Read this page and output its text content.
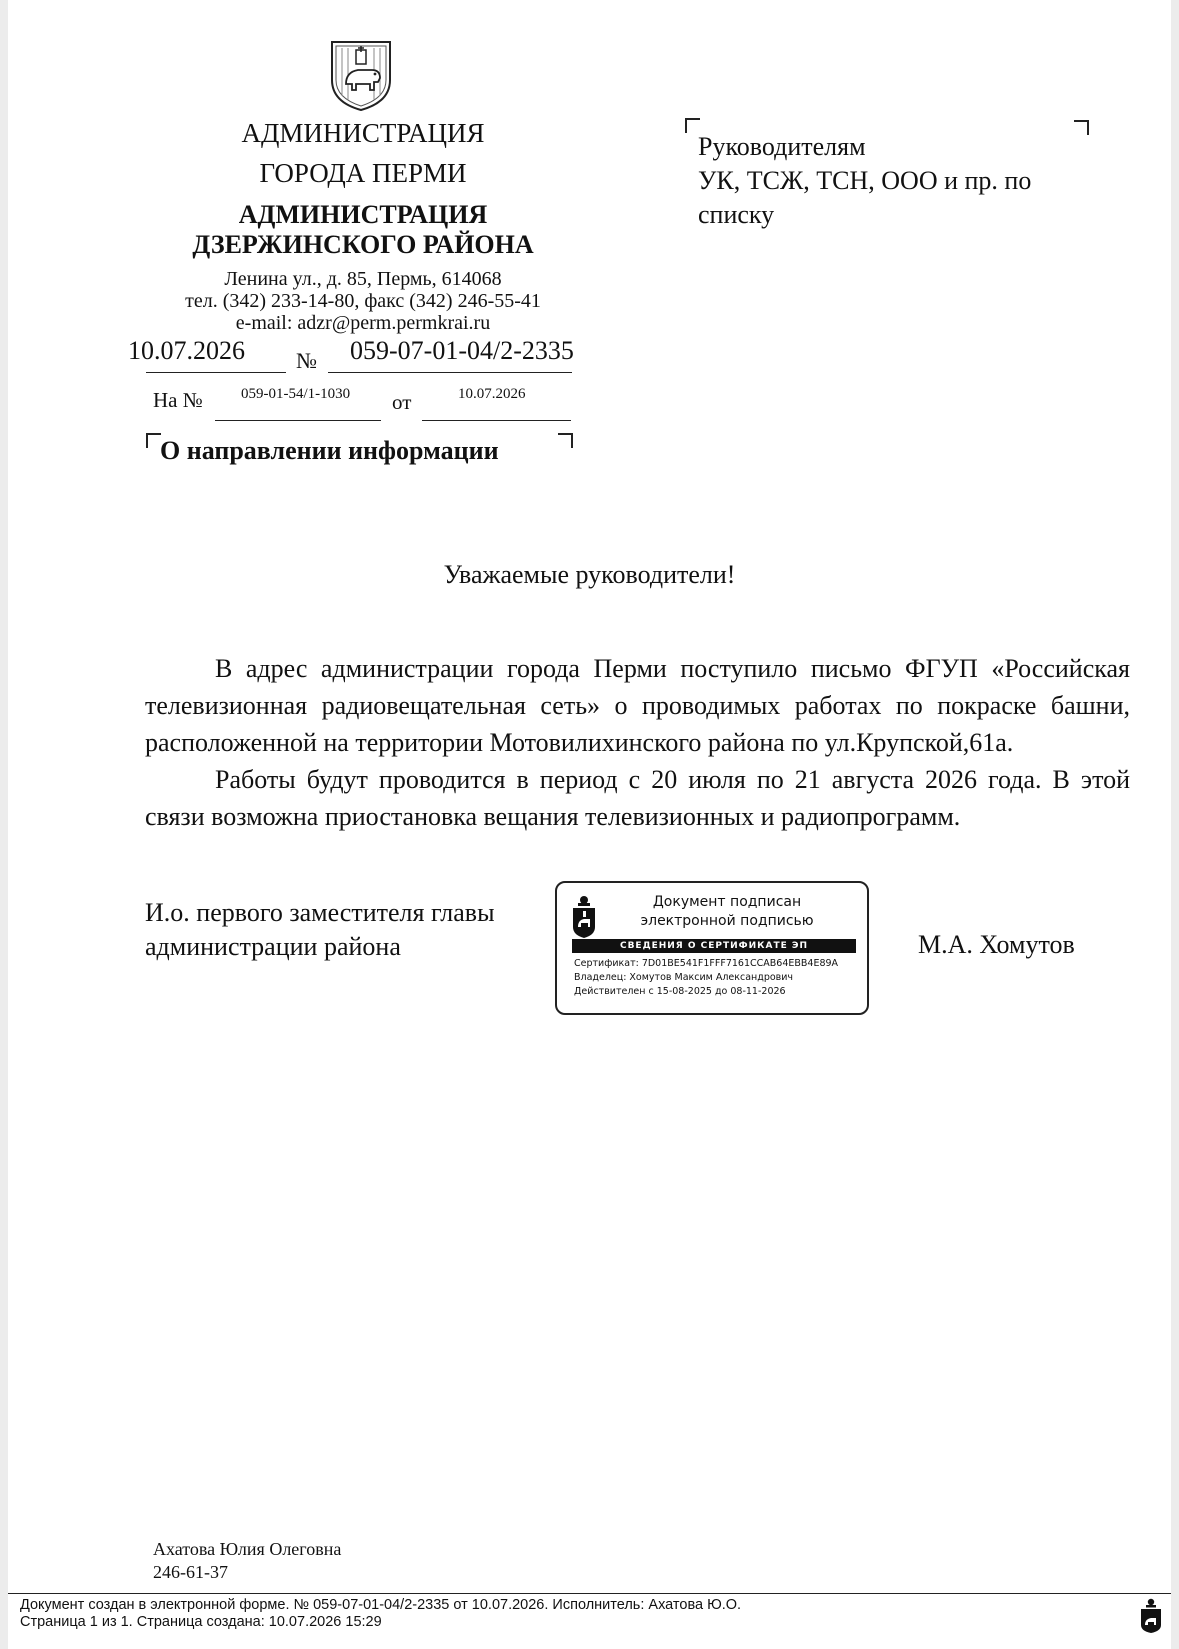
АДМИНИСТРАЦИЯ
ГОРОДА ПЕРМИ
АДМИНИСТРАЦИЯ
ДЗЕРЖИНСКОГО РАЙОНА
Ленина ул., д. 85, Пермь, 614068
тел. (342) 233-14-80, факс (342) 246-55-41
e-mail: adzr@perm.permkrai.ru
10.07.2026 № 059-07-01-04/2-2335
На №	059-01-54/1-1030 от	10.07.2026
О направлении информации
Руководителям
УК, ТСЖ, ТСН, ООО и пр. по
списку
Уважаемые руководители!

В адрес администрации города Перми поступило письмо ФГУП «Российская телевизионная радиовещательная сеть» о проводимых работах по покраске башни, расположенной на территории Мотовилихинского района по ул.Крупской,61а.

Работы будут проводится в период с 20 июля по 21 августа 2026 года. В этой связи возможна приостановка вещания телевизионных и радиопрограмм.

И.о. первого заместителя главы
администрации района
Документ подписан
электронной подписью
СВЕДЕНИЯ О СЕРТИФИКАТЕ ЭП
Сертификат: 7D01BE541F1FFF7161CCAB64EBB4E89A
Владелец: Хомутов Максим Александрович
Действителен с 15-08-2025 до 08-11-2026
М.А. Хомутов
Ахатова Юлия Олеговна
246-61-37
Документ создан в электронной форме. № 059-07-01-04/2-2335 от 10.07.2026. Исполнитель: Ахатова Ю.О.
Страница 1 из 1. Страница создана: 10.07.2026 15:29
